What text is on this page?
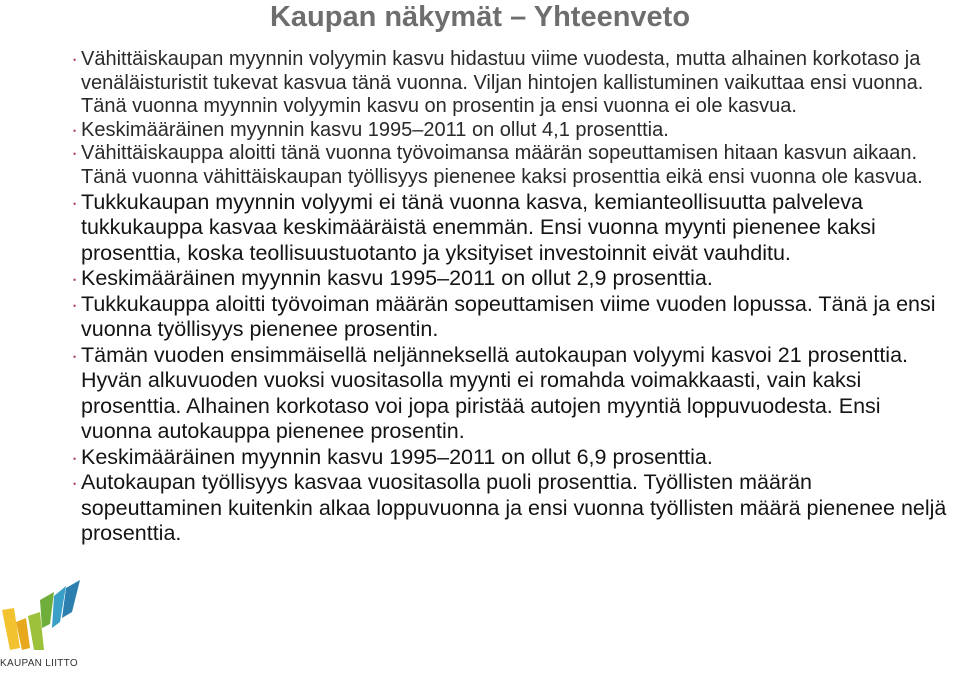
Kaupan näkymät – Yhteenveto

• Vähittäiskaupan myynnin volyymin kasvu hidastuu viime vuodesta, mutta alhainen korkotaso ja venäläisturistit tukevat kasvua tänä vuonna. Viljan hintojen kallistuminen vaikuttaa ensi vuonna. Tänä vuonna myynnin volyymin kasvu on prosentin ja ensi vuonna ei ole kasvua.

• Keskimääräinen myynnin kasvu 1995–2011 on ollut 4,1 prosenttia.

• Vähittäiskauppa aloitti tänä vuonna työvoimansa määrän sopeuttamisen hitaan kasvun aikaan. Tänä vuonna vähittäiskaupan työllisyys pienenee kaksi prosenttia eikä ensi vuonna ole kasvua.

• Tukkukaupan myynnin volyymi ei tänä vuonna kasva, kemianteollisuutta palveleva tukkukauppa kasvaa keskimääräistä enemmän. Ensi vuonna myynti pienenee kaksi prosenttia, koska teollisuustuotanto ja yksityiset investoinnit eivät vauhditu.

• Keskimääräinen myynnin kasvu 1995–2011 on ollut 2,9 prosenttia.

• Tukkukauppa aloitti työvoiman määrän sopeuttamisen viime vuoden lopussa. Tänä ja ensi vuonna työllisyys pienenee prosentin.

• Tämän vuoden ensimmäisellä neljänneksellä autokaupan volyymi kasvoi 21 prosenttia. Hyvän alkuvuoden vuoksi vuositasolla myynti ei romahda voimakkaasti, vain kaksi prosenttia. Alhainen korkotaso voi jopa piristää autojen myyntiä loppuvuodesta. Ensi vuonna autokauppa pienenee prosentin.

• Keskimääräinen myynnin kasvu 1995–2011 on ollut 6,9 prosenttia.

• Autokaupan työllisyys kasvaa vuositasolla puoli prosenttia. Työllisten määrän sopeuttaminen kuitenkin alkaa loppuvuonna ja ensi vuonna työllisten määrä pienenee neljä prosenttia.

KAUPAN LIITTO
